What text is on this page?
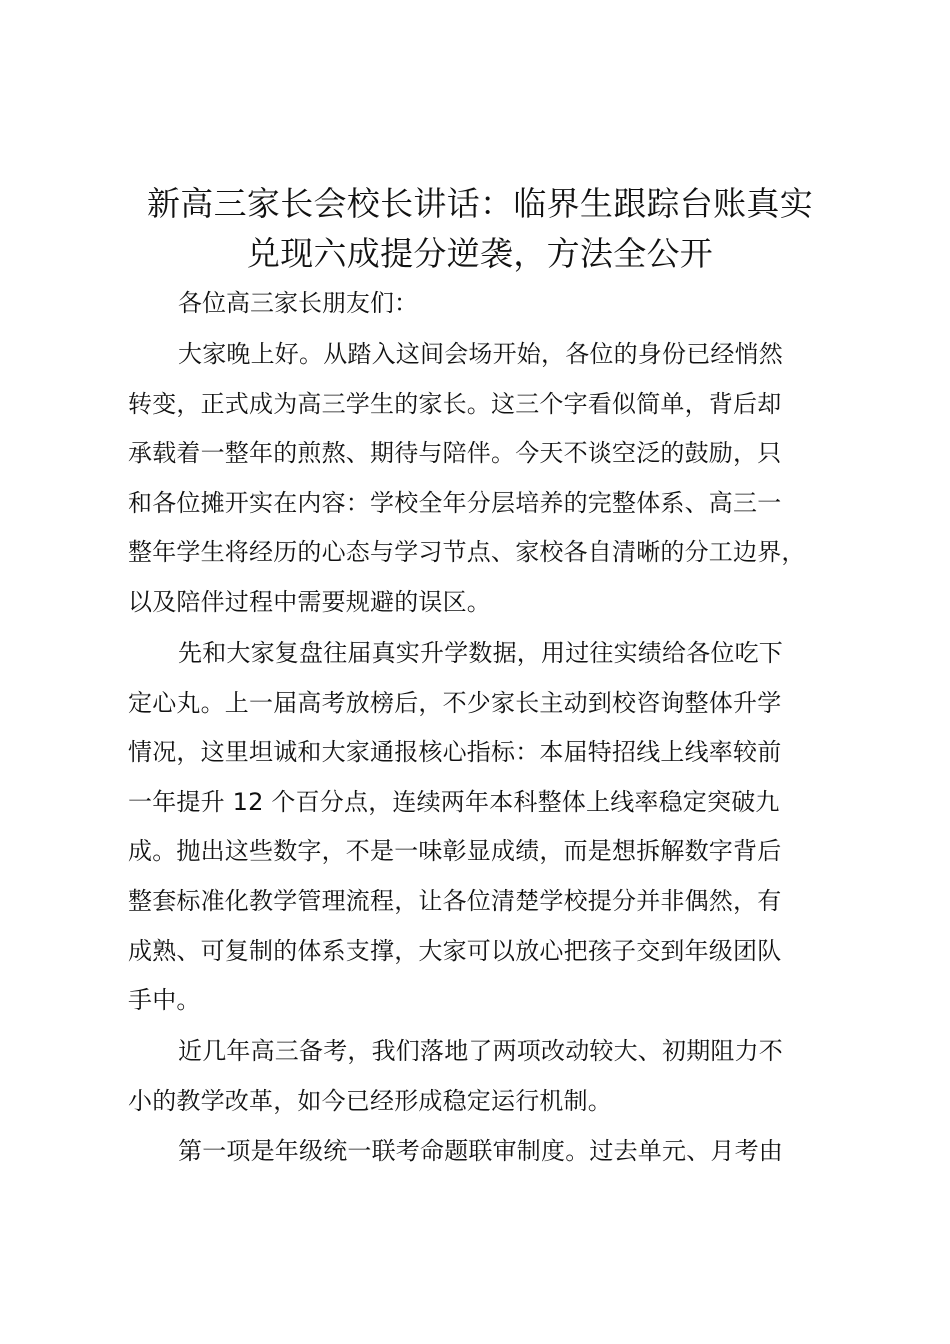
新高三家长会校长讲话：临界生跟踪台账真实
兑现六成提分逆袭，方法全公开

各位高三家长朋友们：

大家晚上好。从踏入这间会场开始，各位的身份已经悄然
转变，正式成为高三学生的家长。这三个字看似简单，背后却
承载着一整年的煎熬、期待与陪伴。今天不谈空泛的鼓励，只
和各位摊开实在内容：学校全年分层培养的完整体系、高三一
整年学生将经历的心态与学习节点、家校各自清晰的分工边界，
以及陪伴过程中需要规避的误区。
先和大家复盘往届真实升学数据，用过往实绩给各位吃下
定心丸。上一届高考放榜后，不少家长主动到校咨询整体升学
情况，这里坦诚和大家通报核心指标：本届特招线上线率较前
一年提升 12 个百分点，连续两年本科整体上线率稳定突破九
成。抛出这些数字，不是一味彰显成绩，而是想拆解数字背后
整套标准化教学管理流程，让各位清楚学校提分并非偶然，有
成熟、可复制的体系支撑，大家可以放心把孩子交到年级团队
手中。
近几年高三备考，我们落地了两项改动较大、初期阻力不
小的教学改革，如今已经形成稳定运行机制。
第一项是年级统一联考命题联审制度。过去单元、月考由
